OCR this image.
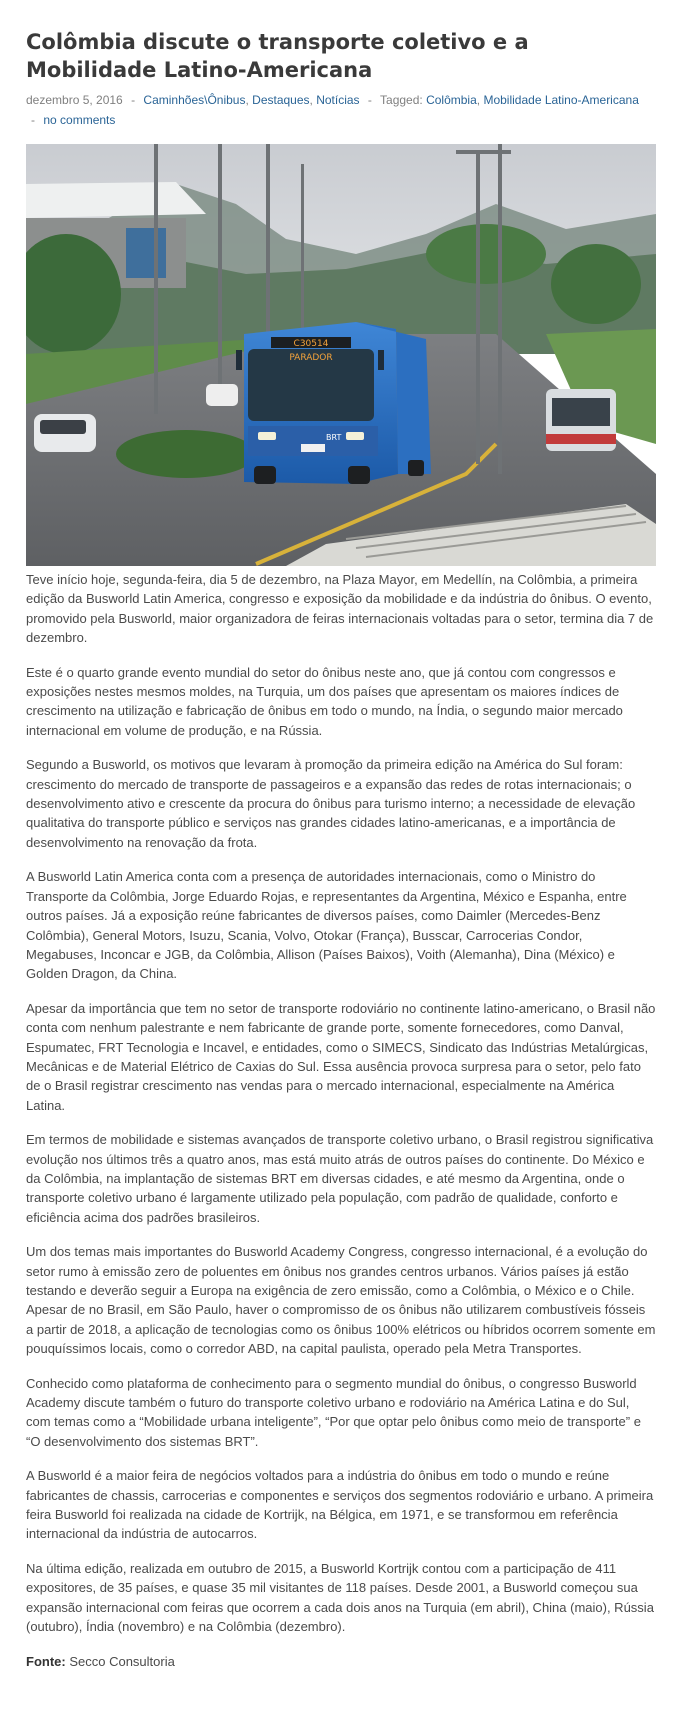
Colômbia discute o transporte coletivo e a Mobilidade Latino-Americana
dezembro 5, 2016 - Caminhões\Ônibus, Destaques, Notícias - Tagged: Colômbia, Mobilidade Latino-Americana
- no comments
C30514
PARADOR
BRT

Teve início hoje, segunda-feira, dia 5 de dezembro, na Plaza Mayor, em Medellín, na Colômbia, a primeira edição da Busworld Latin America, congresso e exposição da mobilidade e da indústria do ônibus. O evento, promovido pela Busworld, maior organizadora de feiras internacionais voltadas para o setor, termina dia 7 de dezembro.

Este é o quarto grande evento mundial do setor do ônibus neste ano, que já contou com congressos e exposições nestes mesmos moldes, na Turquia, um dos países que apresentam os maiores índices de crescimento na utilização e fabricação de ônibus em todo o mundo, na Índia, o segundo maior mercado internacional em volume de produção, e na Rússia.

Segundo a Busworld, os motivos que levaram à promoção da primeira edição na América do Sul foram: crescimento do mercado de transporte de passageiros e a expansão das redes de rotas internacionais; o desenvolvimento ativo e crescente da procura do ônibus para turismo interno; a necessidade de elevação qualitativa do transporte público e serviços nas grandes cidades latino-americanas, e a importância de desenvolvimento na renovação da frota.

A Busworld Latin America conta com a presença de autoridades internacionais, como o Ministro do Transporte da Colômbia, Jorge Eduardo Rojas, e representantes da Argentina, México e Espanha, entre outros países. Já a exposição reúne fabricantes de diversos países, como Daimler (Mercedes-Benz Colômbia), General Motors, Isuzu, Scania, Volvo, Otokar (França), Busscar, Carrocerias Condor, Megabuses, Inconcar e JGB, da Colômbia, Allison (Países Baixos), Voith (Alemanha), Dina (México) e Golden Dragon, da China.

Apesar da importância que tem no setor de transporte rodoviário no continente latino-americano, o Brasil não conta com nenhum palestrante e nem fabricante de grande porte, somente fornecedores, como Danval, Espumatec, FRT Tecnologia e Incavel, e entidades, como o SIMECS, Sindicato das Indústrias Metalúrgicas, Mecânicas e de Material Elétrico de Caxias do Sul. Essa ausência provoca surpresa para o setor, pelo fato de o Brasil registrar crescimento nas vendas para o mercado internacional, especialmente na América Latina.

Em termos de mobilidade e sistemas avançados de transporte coletivo urbano, o Brasil registrou significativa evolução nos últimos três a quatro anos, mas está muito atrás de outros países do continente. Do México e da Colômbia, na implantação de sistemas BRT em diversas cidades, e até mesmo da Argentina, onde o transporte coletivo urbano é largamente utilizado pela população, com padrão de qualidade, conforto e eficiência acima dos padrões brasileiros.

Um dos temas mais importantes do Busworld Academy Congress, congresso internacional, é a evolução do setor rumo à emissão zero de poluentes em ônibus nos grandes centros urbanos. Vários países já estão testando e deverão seguir a Europa na exigência de zero emissão, como a Colômbia, o México e o Chile. Apesar de no Brasil, em São Paulo, haver o compromisso de os ônibus não utilizarem combustíveis fósseis a partir de 2018, a aplicação de tecnologias como os ônibus 100% elétricos ou híbridos ocorrem somente em pouquíssimos locais, como o corredor ABD, na capital paulista, operado pela Metra Transportes.

Conhecido como plataforma de conhecimento para o segmento mundial do ônibus, o congresso Busworld Academy discute também o futuro do transporte coletivo urbano e rodoviário na América Latina e do Sul, com temas como a “Mobilidade urbana inteligente”, “Por que optar pelo ônibus como meio de transporte” e “O desenvolvimento dos sistemas BRT”.

A Busworld é a maior feira de negócios voltados para a indústria do ônibus em todo o mundo e reúne fabricantes de chassis, carrocerias e componentes e serviços dos segmentos rodoviário e urbano. A primeira feira Busworld foi realizada na cidade de Kortrijk, na Bélgica, em 1971, e se transformou em referência internacional da indústria de autocarros.

Na última edição, realizada em outubro de 2015, a Busworld Kortrijk contou com a participação de 411 expositores, de 35 países, e quase 35 mil visitantes de 118 países. Desde 2001, a Busworld começou sua expansão internacional com feiras que ocorrem a cada dois anos na Turquia (em abril), China (maio), Rússia (outubro), Índia (novembro) e na Colômbia (dezembro).

Fonte: Secco Consultoria
